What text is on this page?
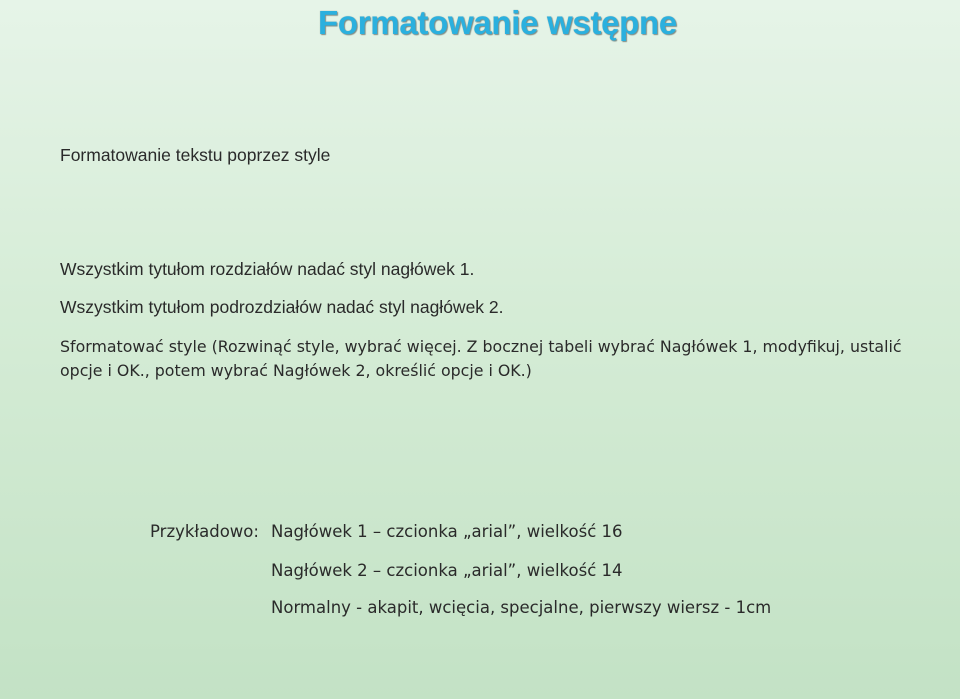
Formatowanie wstępne
Formatowanie tekstu poprzez style
Wszystkim tytułom rozdziałów nadać styl nagłówek 1.
Wszystkim tytułom podrozdziałów nadać styl nagłówek 2.
Sformatować style (Rozwinąć style, wybrać więcej. Z bocznej tabeli wybrać Nagłówek 1, modyfikuj, ustalić opcje i OK., potem wybrać Nagłówek 2, określić opcje i OK.)
Przykładowo: Nagłówek 1 – czcionka „arial”, wielkość 16
Nagłówek 2 – czcionka „arial”, wielkość 14
Normalny - akapit, wcięcia, specjalne, pierwszy wiersz - 1cm
